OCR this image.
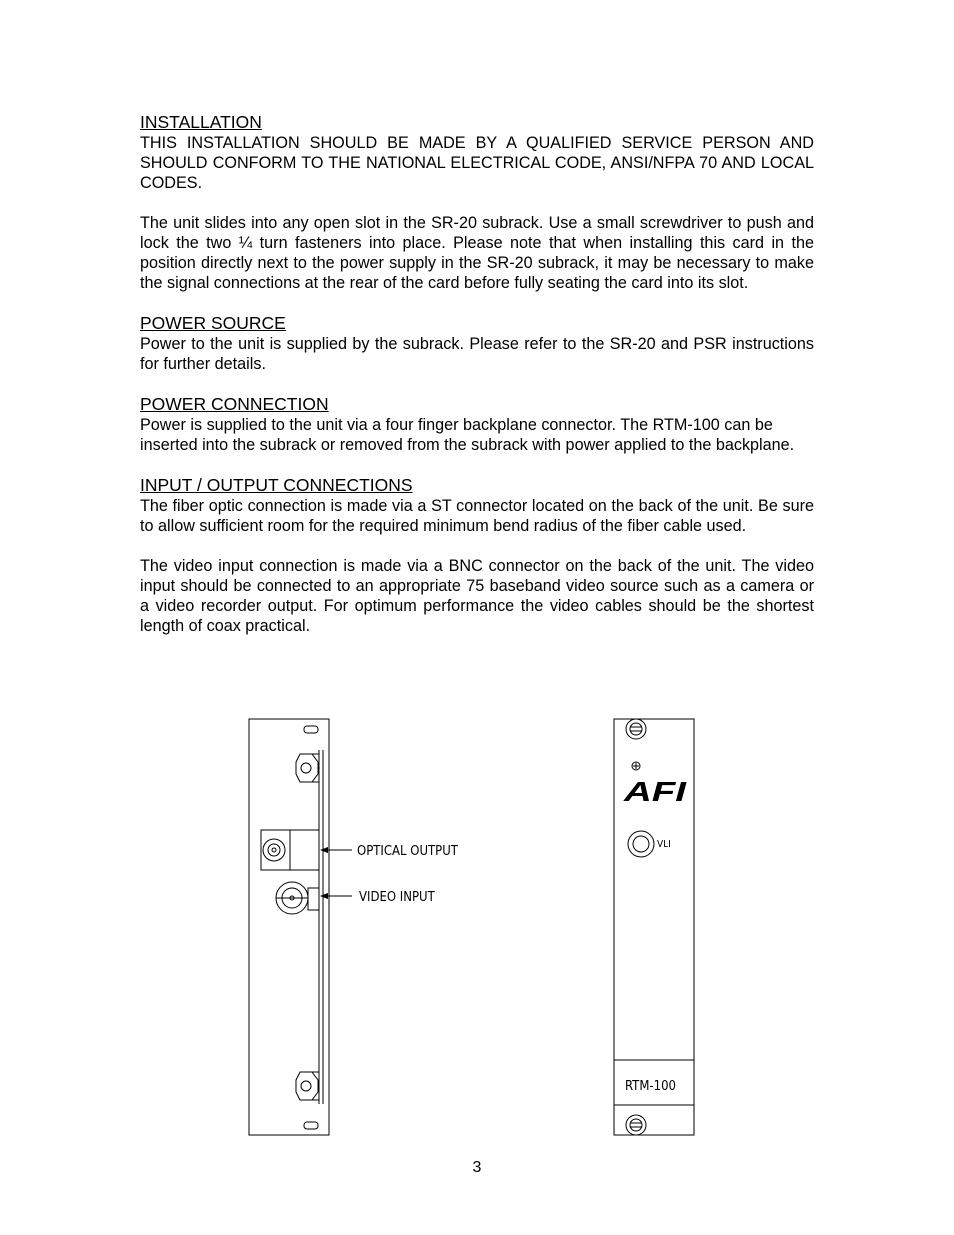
INSTALLATION

THIS INSTALLATION SHOULD BE MADE BY A QUALIFIED SERVICE PERSON AND SHOULD CONFORM TO THE NATIONAL ELECTRICAL CODE, ANSI/NFPA 70 AND LOCAL CODES.

The unit slides into any open slot in the SR-20 subrack. Use a small screwdriver to push and lock the two ¼ turn fasteners into place. Please note that when installing this card in the position directly next to the power supply in the SR-20 subrack, it may be necessary to make the signal connections at the rear of the card before fully seating the card into its slot.

POWER SOURCE

Power to the unit is supplied by the subrack. Please refer to the SR-20 and PSR instructions for further details.

POWER CONNECTION

Power is supplied to the unit via a four finger backplane connector. The RTM-100 can be inserted into the subrack or removed from the subrack with power applied to the backplane.

INPUT / OUTPUT CONNECTIONS

The fiber optic connection is made via a ST connector located on the back of the unit. Be sure to allow sufficient room for the required minimum bend radius of the fiber cable used.

The video input connection is made via a BNC connector on the back of the unit. The video input should be connected to an appropriate 75 baseband video source such as a camera or a video recorder output. For optimum performance the video cables should be the shortest length of coax practical.

OPTICAL OUTPUT
VIDEO INPUT
AFI
VLI
RTM-100
3
